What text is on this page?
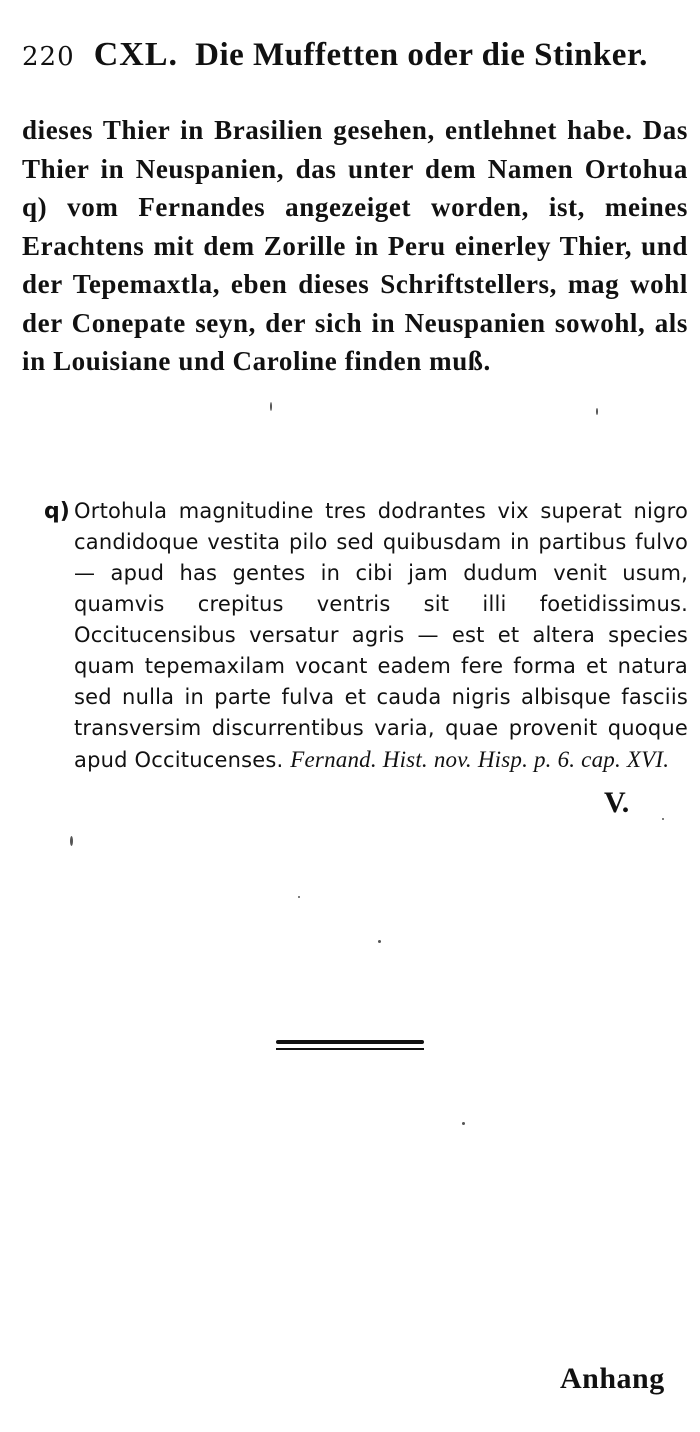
220 CXL. Die Muffetten oder die Stinker.

dieses Thier in Brasilien gesehen, entlehnet habe. Das Thier in Neuspanien, das unter dem Namen Ortohua q) vom Fernandes angezeiget worden, ist, meines Erachtens mit dem Zorille in Peru einerley Thier, und der Tepemaxtla, eben dieses Schriftstellers, mag wohl der Conepate seyn, der sich in Neuspanien sowohl, als in Louisiane und Caroline finden muß.

q) Ortohula magnitudine tres dodrantes vix superat nigro candidoque vestita pilo sed quibusdam in partibus fulvo — apud has gentes in cibi jam dudum venit usum, quamvis crepitus ventris sit illi foetidissimus. Occitucensibus versatur agris — est et altera species quam tepemaxilam vocant eadem fere forma et natura sed nulla in parte fulva et cauda nigris albisque fasciis transversim discurrentibus varia, quae provenit quoque apud Occitucenses. Fernand. Hist. nov. Hisp. p. 6. cap. XVI.
V.
Anhang
